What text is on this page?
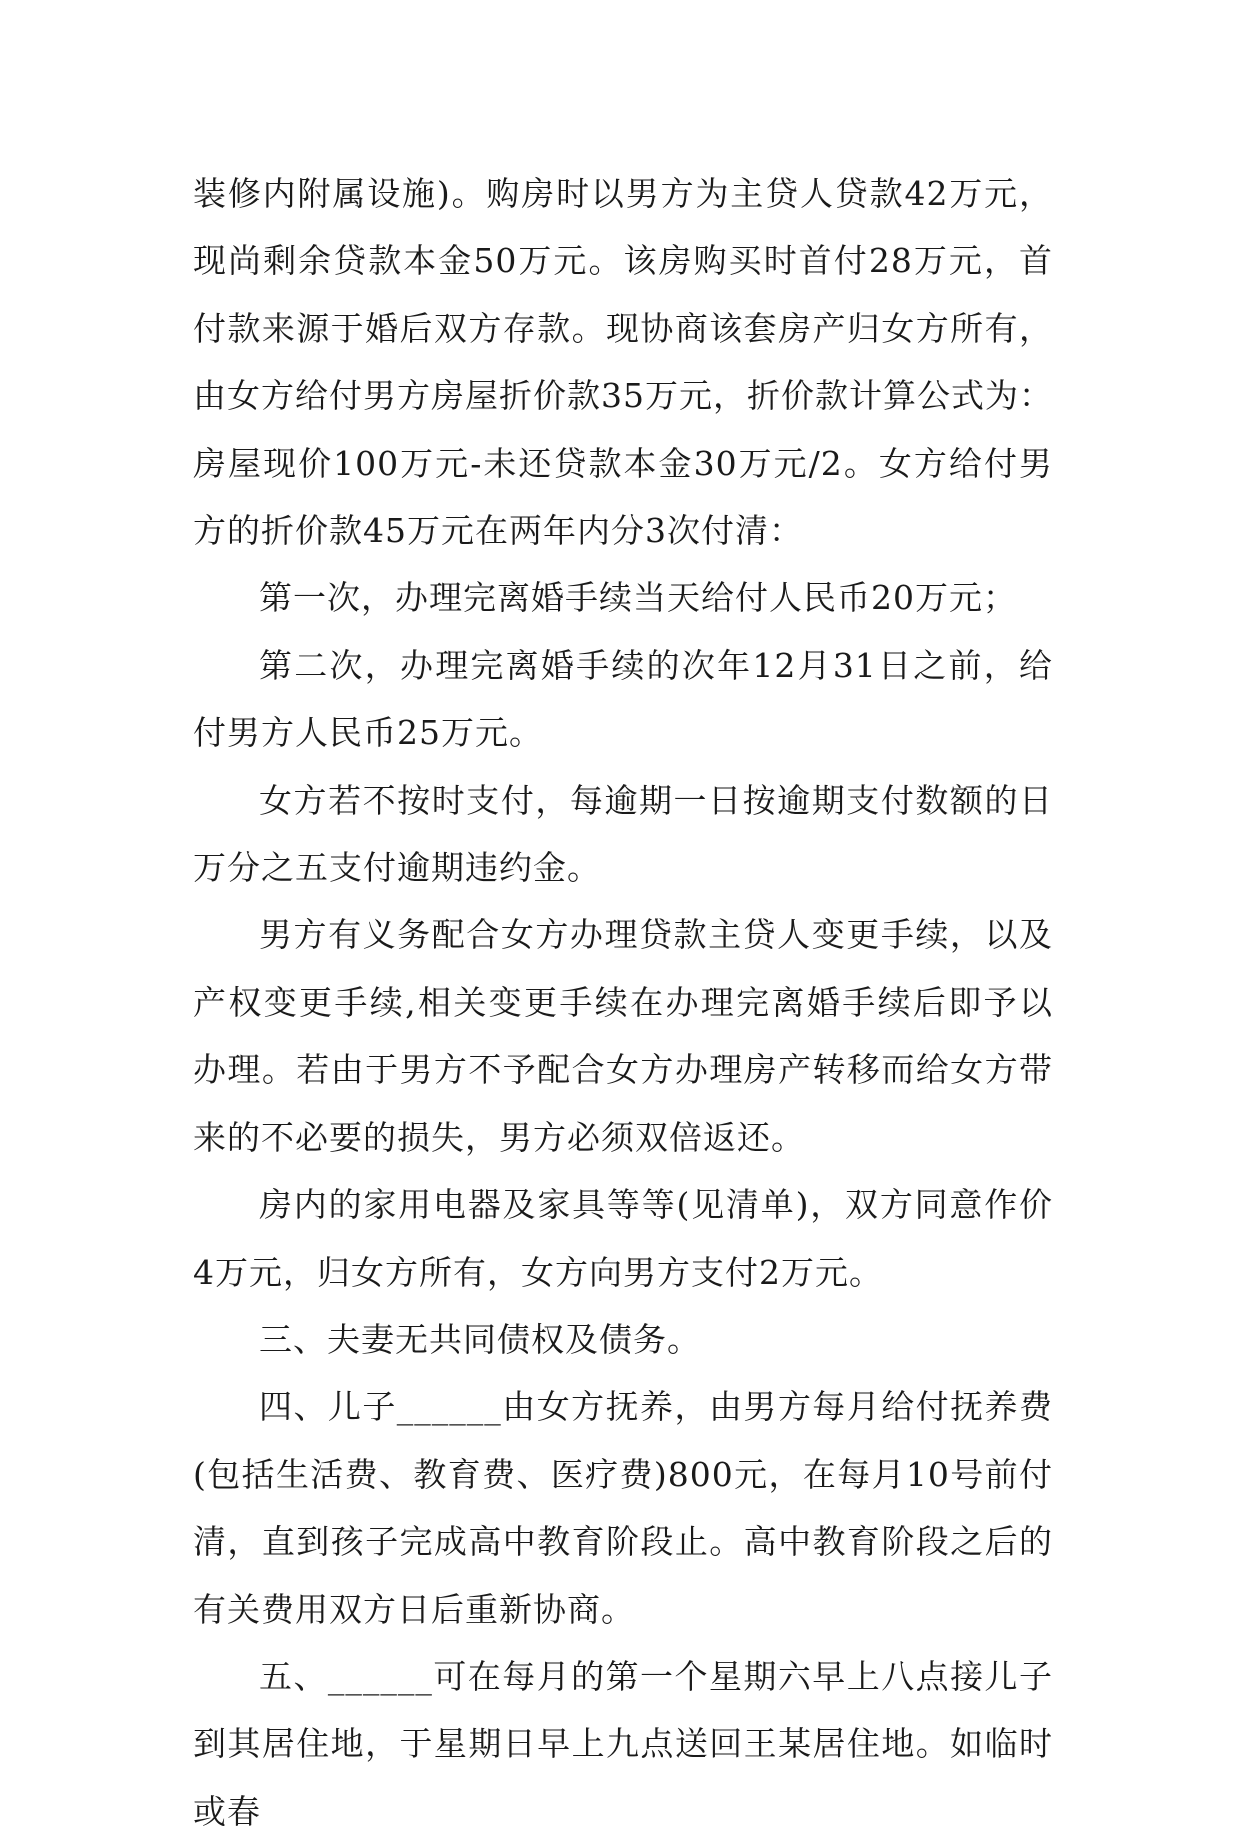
装修内附属设施)。购房时以男方为主贷人贷款42万元，现尚剩余贷款本金50万元。该房购买时首付28万元，首付款来源于婚后双方存款。现协商该套房产归女方所有，由女方给付男方房屋折价款35万元，折价款计算公式为：房屋现价100万元-未还贷款本金30万元/2。女方给付男方的折价款45万元在两年内分3次付清：

第一次，办理完离婚手续当天给付人民币20万元；

第二次，办理完离婚手续的次年12月31日之前，给付男方人民币25万元。

女方若不按时支付，每逾期一日按逾期支付数额的日万分之五支付逾期违约金。

男方有义务配合女方办理贷款主贷人变更手续，以及产权变更手续,相关变更手续在办理完离婚手续后即予以办理。若由于男方不予配合女方办理房产转移而给女方带来的不必要的损失，男方必须双倍返还。

房内的家用电器及家具等等(见清单)，双方同意作价4万元，归女方所有，女方向男方支付2万元。

三、夫妻无共同债权及债务。

四、儿子______由女方抚养，由男方每月给付抚养费(包括生活费、教育费、医疗费)800元，在每月10号前付清，直到孩子完成高中教育阶段止。高中教育阶段之后的有关费用双方日后重新协商。

五、______可在每月的第一个星期六早上八点接儿子到其居住地，于星期日早上九点送回王某居住地。如临时或春
